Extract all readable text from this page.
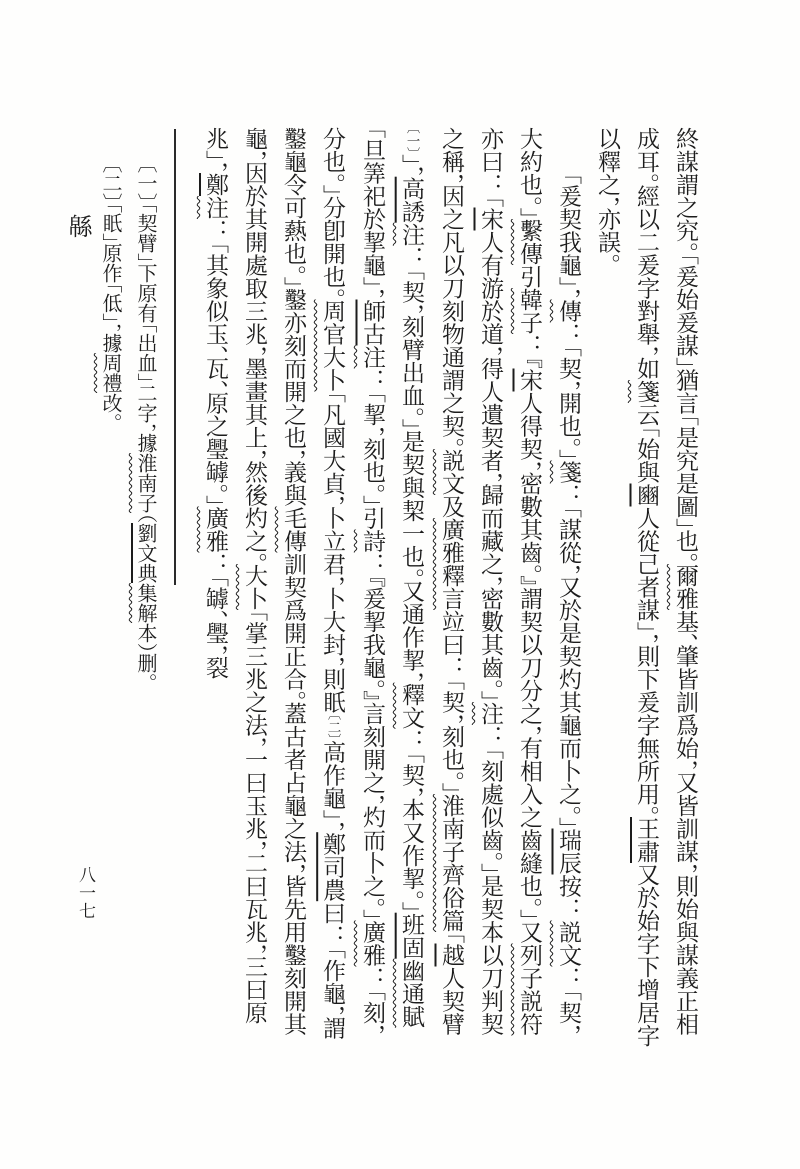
終謀謂之究。「爰始爰謀」猶言「是究是圖」也。爾雅基、肇皆訓爲始，又皆訓謀，則始與謀義正相成耳。經以二爰字對舉，如箋云「始與豳人從己者謀」，則下爰字無所用。王肅又於始字下增居字以釋之，亦誤。

「爰契我龜」，傳：「契，開也。」箋：「謀從，又於是契灼其龜而卜之。」瑞辰按：説文：「契，大約也。」繫傳引韓子：『宋人得契，密數其齒。』謂契以刀分之，有相入之齒縫也。」又列子説符亦曰：「宋人有游於道，得人遺契者，歸而藏之，密數其齒。」注：「刻處似齒。」是契本以刀判契之稱，因之凡以刀刻物通謂之契。説文及廣雅釋言竝曰：「契，刻也。」淮南子齊俗篇「越人契臂〔一〕」，高誘注：「契，刻臂出血。」是契與栔一也。又通作挈，釋文：「契，本又作挈。」班固幽通賦「旦筭祀於挈龜」，師古注：「挈，刻也。」引詩：『爰挈我龜。』言刻開之，灼而卜之。」廣雅：「刻，分也。」分卽開也。周官大卜「凡國大貞，卜立君，卜大封，則眂〔二〕高作龜」，鄭司農曰：「作龜，謂鑿龜令可爇也。」鑿亦刻而開之也，義與毛傳訓契爲開正合。蓋古者占龜之法，皆先用鑿刻開其龜，因於其開處取三兆，墨畫其上，然後灼之。大卜「掌三兆之法，一曰玉兆，二曰瓦兆，三曰原兆」，鄭注：「其象似玉、瓦、原之璺罅。」廣雅：「罅、璺，裂

〔一〕「契臂」下原有「出血」二字，據淮南子（劉文典集解本）删。

〔二〕「眂」原作「低」，據周禮改。

緜
八一七
